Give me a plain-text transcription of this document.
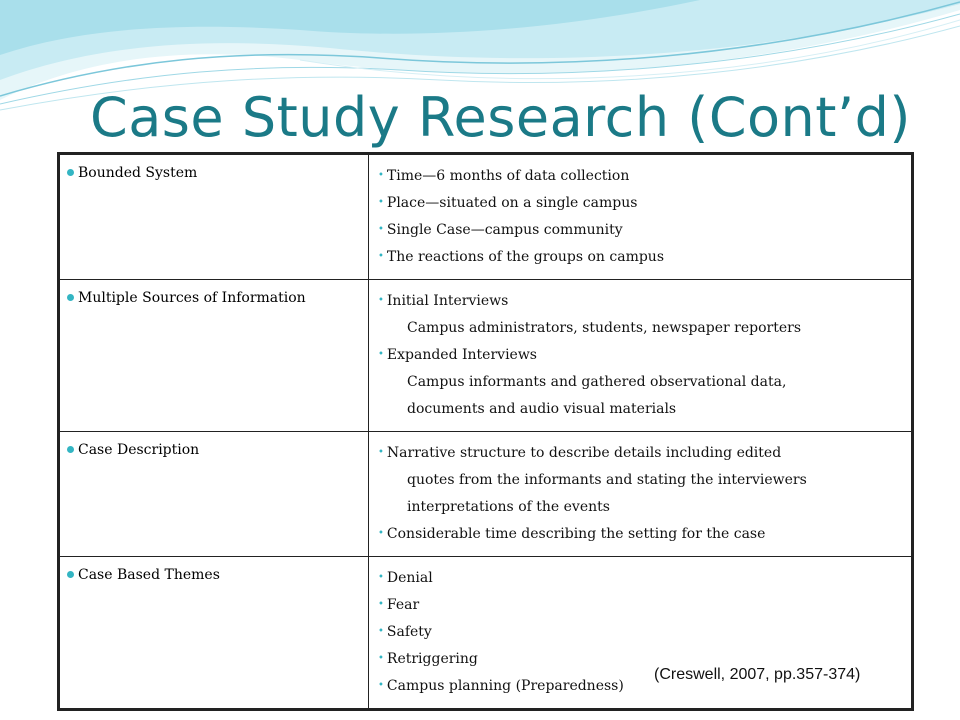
Case Study Research (Cont’d)
Bounded System	• Time—6 months of data collection
• Place—situated on a single campus
• Single Case—campus community
• The reactions of the groups on campus

Multiple Sources of Information	• Initial Interviews
Campus administrators, students, newspaper reporters
• Expanded Interviews
Campus informants and gathered observational data,
documents and audio visual materials

Case Description	• Narrative structure to describe details including edited
quotes from the informants and stating the interviewers
interpretations of the events
• Considerable time describing the setting for the case

Case Based Themes	• Denial
• Fear
• Safety
• Retriggering
• Campus planning (Preparedness)
(Creswell, 2007, pp.357-374)
